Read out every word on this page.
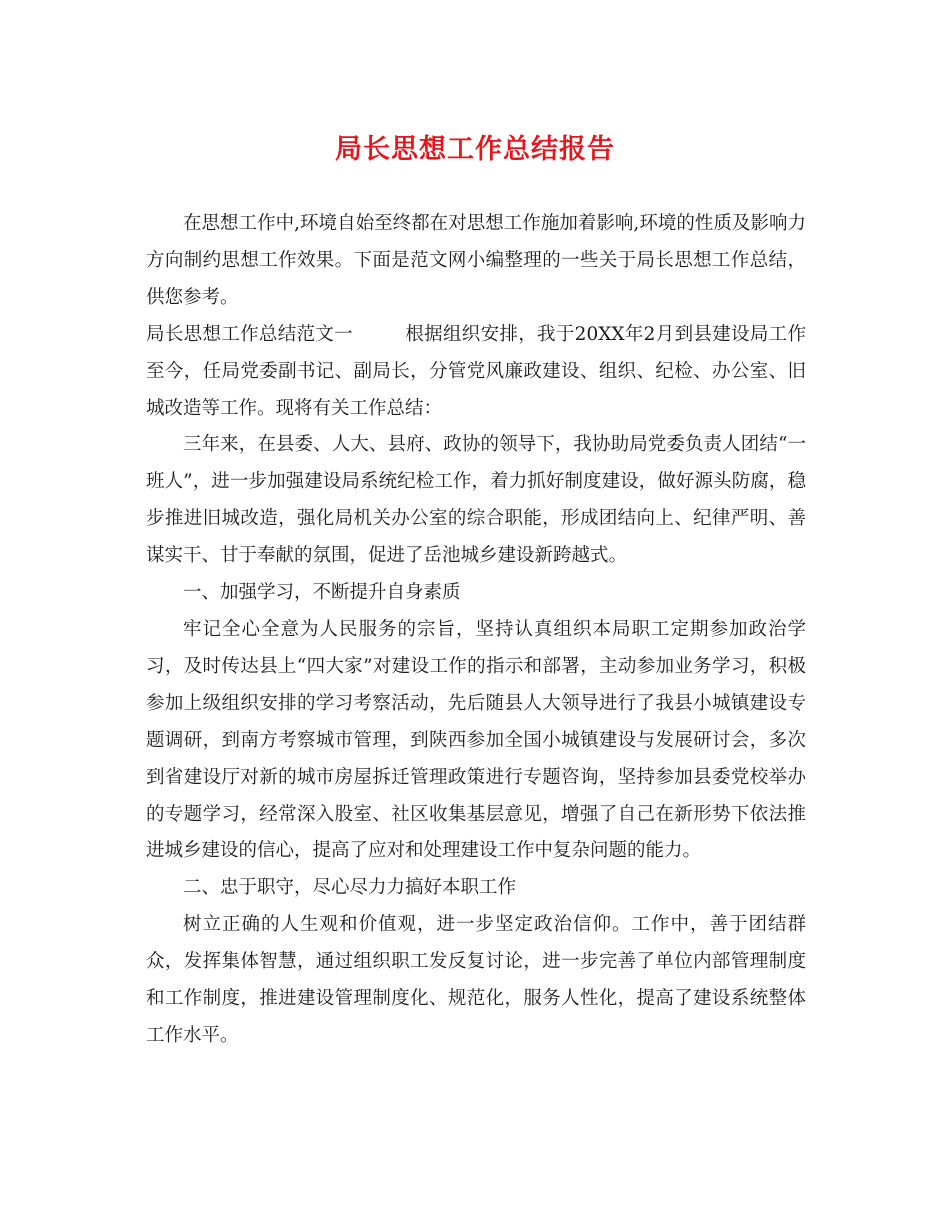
局长思想工作总结报告

在思想工作中,环境自始至终都在对思想工作施加着影响,环境的性质及影响力方向制约思想工作效果。下面是范文网小编整理的一些关于局长思想工作总结，供您参考。

局长思想工作总结范文一	根据组织安排，我于20XX年2月到县建设局工作至今，任局党委副书记、副局长，分管党风廉政建设、组织、纪检、办公室、旧城改造等工作。现将有关工作总结：

三年来，在县委、人大、县府、政协的领导下，我协助局党委负责人团结“一班人”，进一步加强建设局系统纪检工作，着力抓好制度建设，做好源头防腐，稳步推进旧城改造，强化局机关办公室的综合职能，形成团结向上、纪律严明、善谋实干、甘于奉献的氛围，促进了岳池城乡建设新跨越式。

一、加强学习，不断提升自身素质

牢记全心全意为人民服务的宗旨，坚持认真组织本局职工定期参加政治学习，及时传达县上“四大家”对建设工作的指示和部署，主动参加业务学习，积极参加上级组织安排的学习考察活动，先后随县人大领导进行了我县小城镇建设专题调研，到南方考察城市管理，到陕西参加全国小城镇建设与发展研讨会，多次到省建设厅对新的城市房屋拆迁管理政策进行专题咨询，坚持参加县委党校举办的专题学习，经常深入股室、社区收集基层意见，增强了自己在新形势下依法推进城乡建设的信心，提高了应对和处理建设工作中复杂问题的能力。

二、忠于职守，尽心尽力力搞好本职工作

树立正确的人生观和价值观，进一步坚定政治信仰。工作中，善于团结群众，发挥集体智慧，通过组织职工发反复讨论，进一步完善了单位内部管理制度和工作制度，推进建设管理制度化、规范化，服务人性化，提高了建设系统整体工作水平。
